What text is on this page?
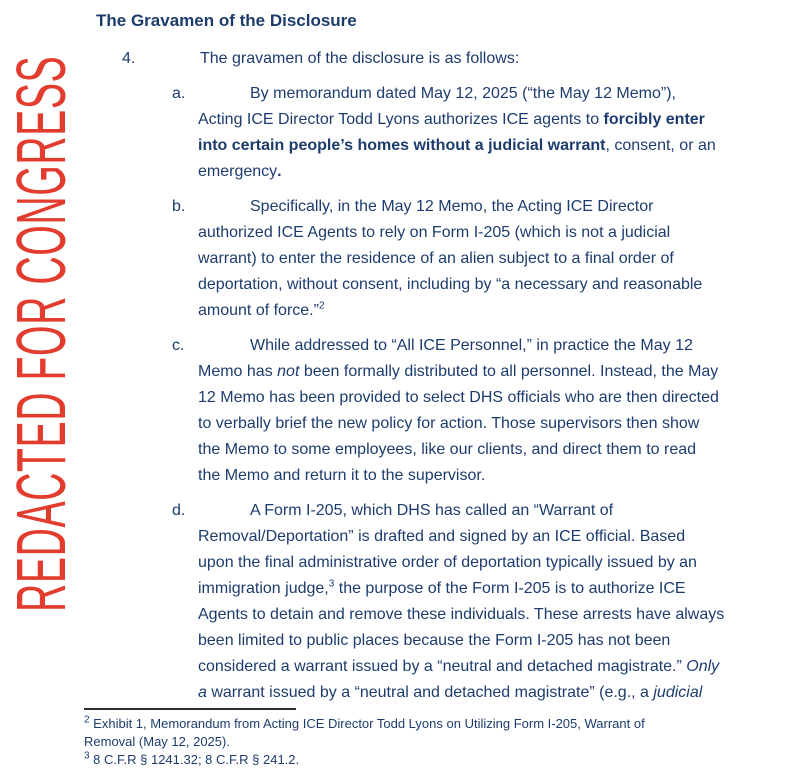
REDACTED FOR CONGRESS
The Gravamen of the Disclosure
4.	The gravamen of the disclosure is as follows:
a.	By memorandum dated May 12, 2025 (“the May 12 Memo”),
Acting ICE Director Todd Lyons authorizes ICE agents to forcibly enter
into certain people’s homes without a judicial warrant, consent, or an
emergency.
b.	Specifically, in the May 12 Memo, the Acting ICE Director
authorized ICE Agents to rely on Form I-205 (which is not a judicial
warrant) to enter the residence of an alien subject to a final order of
deportation, without consent, including by “a necessary and reasonable
amount of force.”$^2$
c.	While addressed to “All ICE Personnel,” in practice the May 12
Memo has not been formally distributed to all personnel. Instead, the May
12 Memo has been provided to select DHS officials who are then directed
to verbally brief the new policy for action. Those supervisors then show
the Memo to some employees, like our clients, and direct them to read
the Memo and return it to the supervisor.
d.	A Form I-205, which DHS has called an “Warrant of
Removal/Deportation” is drafted and signed by an ICE official. Based
upon the final administrative order of deportation typically issued by an
immigration judge,$^3$ the purpose of the Form I-205 is to authorize ICE
Agents to detain and remove these individuals. These arrests have always
been limited to public places because the Form I-205 has not been
considered a warrant issued by a “neutral and detached magistrate.” Only
a warrant issued by a “neutral and detached magistrate” (e.g., a judicial
$^2$ Exhibit 1, Memorandum from Acting ICE Director Todd Lyons on Utilizing Form I-205, Warrant of
Removal (May 12, 2025).
$^3$ 8 C.F.R § 1241.32; 8 C.F.R § 241.2.
